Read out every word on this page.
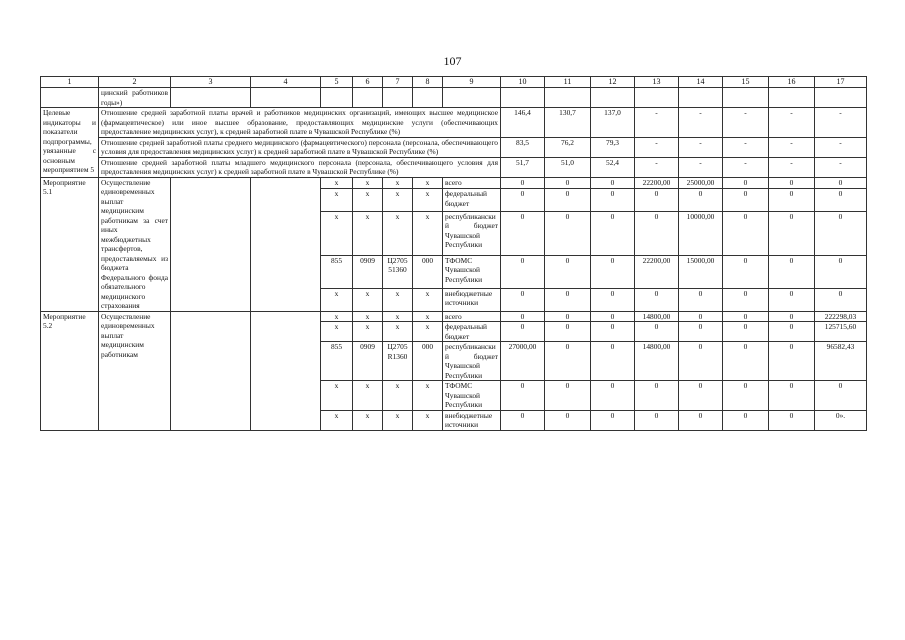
107
1	2	3	4	5	6	7	8	9	10	11	12	13	14	15	16	17
	цинский работников годы»)															
Целевые индикаторы и показатели подпрограммы, увязанные с основным мероприятием 5	Отношение средней заработной платы врачей и работников медицинских организаций, имеющих высшее медицинское (фармацевтическое) или иное высшее образование, предоставляющих медицинские услуги (обеспечивающих предоставление медицинских услуг), к средней заработной плате в Чувашской Республике (%)								146,4	130,7	137,0	-	-	-	-	-
	Отношение средней заработной платы среднего медицинского (фармацевтического) персонала (персонала, обеспечивающего условия для предоставления медицинских услуг) к средней заработной плате в Чувашской Республике (%)								83,5	76,2	79,3	-	-	-	-	-
	Отношение средней заработной платы младшего медицинского персонала (персонала, обеспечивающего условия для предоставления медицинских услуг) к средней заработной плате в Чувашской Республике (%)								51,7	51,0	52,4	-	-	-	-	-
Мероприятие 5.1	Осуществление единовременных выплат медицинским работникам за счет иных межбюджетных трансфертов, предоставляемых из бюджета Федерального фонда обязательного медицинского страхования			x	x	x	x	всего	0	0	0	22200,00	25000,00	0	0	0
				x	x	x	x	федеральный бюджет	0	0	0	0	0	0	0	0
				x	x	x	x	республиканский бюджет Чувашской Республики	0	0	0	0	10000,00	0	0	0
				855	0909	Ц2705 51360	000	ТФОМС Чувашской Республики	0	0	0	22200,00	15000,00	0	0	0
				x	x	x	x	внебюджетные источники	0	0	0	0	0	0	0	0
Мероприятие 5.2	Осуществление единовременных выплат медицинским работникам			x	x	x	x	всего	0	0	0	14800,00	0	0	0	222298,03
				x	x	x	x	федеральный бюджет	0	0	0	0	0	0	0	125715,60
				855	0909	Ц2705 R1360	000	республиканский бюджет Чувашской Республики	27000,00	0	0	14800,00	0	0	0	96582,43
				x	x	x	x	ТФОМС Чувашской Республики	0	0	0	0	0	0	0	0
				x	x	x	x	внебюджетные источники	0	0	0	0	0	0	0	0».
